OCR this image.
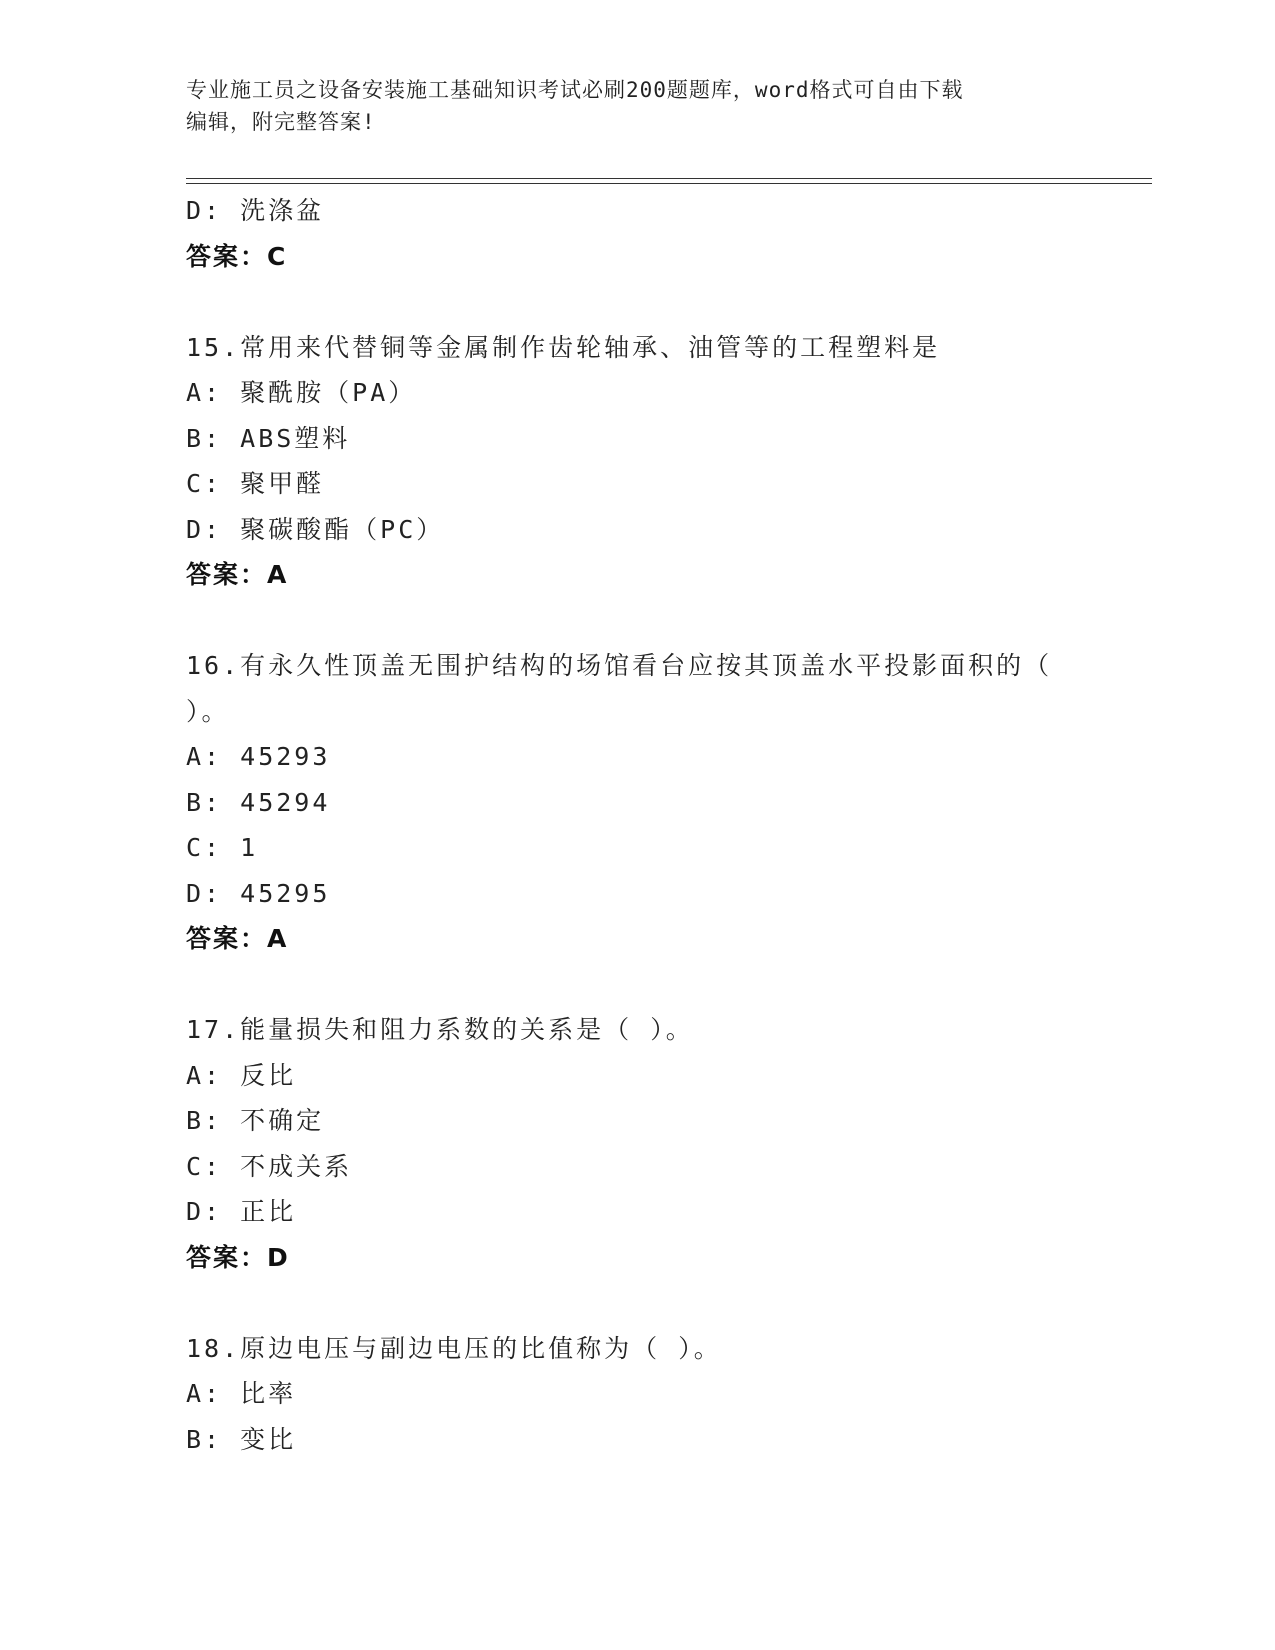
专业施工员之设备安装施工基础知识考试必刷200题题库，word格式可自由下载
编辑，附完整答案!
D: 洗涤盆
答案：C
15.常用来代替铜等金属制作齿轮轴承、油管等的工程塑料是
A: 聚酰胺（PA）
B: ABS塑料
C: 聚甲醛
D: 聚碳酸酯（PC）
答案：A
16.有永久性顶盖无围护结构的场馆看台应按其顶盖水平投影面积的（
）。
A: 45293
B: 45294
C: 1
D: 45295
答案：A
17.能量损失和阻力系数的关系是（ ）。
A: 反比
B: 不确定
C: 不成关系
D: 正比
答案：D
18.原边电压与副边电压的比值称为（ ）。
A: 比率
B: 变比
